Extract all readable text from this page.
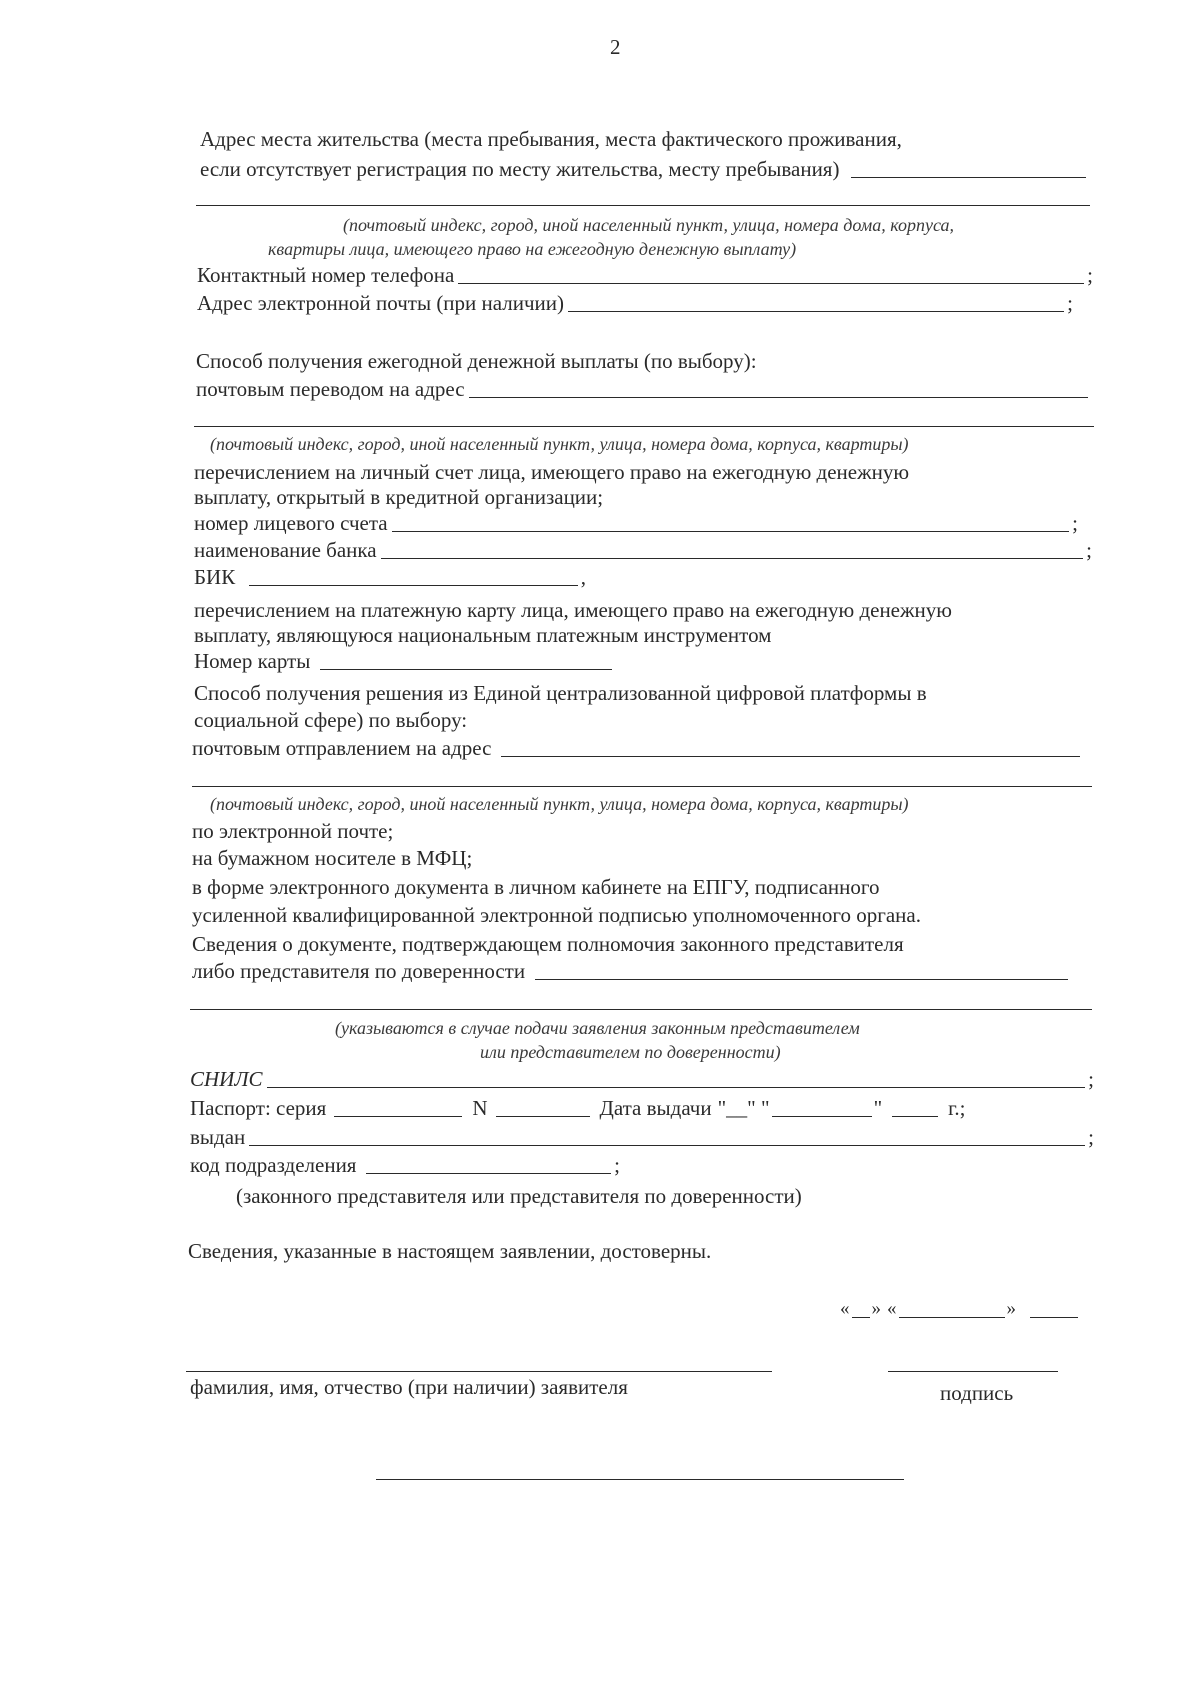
2
Адрес места жительства (места пребывания, места фактического проживания,
если отсутствует регистрация по месту жительства, месту пребывания)
(почтовый индекс, город, иной населенный пункт, улица, номера дома, корпуса,
квартиры лица, имеющего право на ежегодную денежную выплату)
Контактный номер телефона	;
Адрес электронной почты (при наличии)	;
Способ получения ежегодной денежной выплаты (по выбору):
почтовым переводом на адрес
(почтовый индекс, город, иной населенный пункт, улица, номера дома, корпуса, квартиры)
перечислением на личный счет лица, имеющего право на ежегодную денежную
выплату, открытый в кредитной организации;
номер лицевого счета	;
наименование банка	;
БИК	,
перечислением на платежную карту лица, имеющего право на ежегодную денежную
выплату, являющуюся национальным платежным инструментом
Номер карты
Способ получения решения из Единой централизованной цифровой платформы в
социальной сфере) по выбору:
почтовым отправлением на адрес
(почтовый индекс, город, иной населенный пункт, улица, номера дома, корпуса, квартиры)
по электронной почте;
на бумажном носителе в МФЦ;
в форме электронного документа в личном кабинете на ЕПГУ, подписанного
усиленной квалифицированной электронной подписью уполномоченного органа.
Сведения о документе, подтверждающем полномочия законного представителя
либо представителя по доверенности
(указываются в случае подачи заявления законным представителем
или представителем по доверенности)
СНИЛС	;
Паспорт: серия	N	Дата выдачи "__" "	"	г.;
выдан	;
код подразделения	;
(законного представителя или представителя по доверенности)
Сведения, указанные в настоящем заявлении, достоверны.
« » «	»
фамилия, имя, отчество (при наличии) заявителя	подпись
